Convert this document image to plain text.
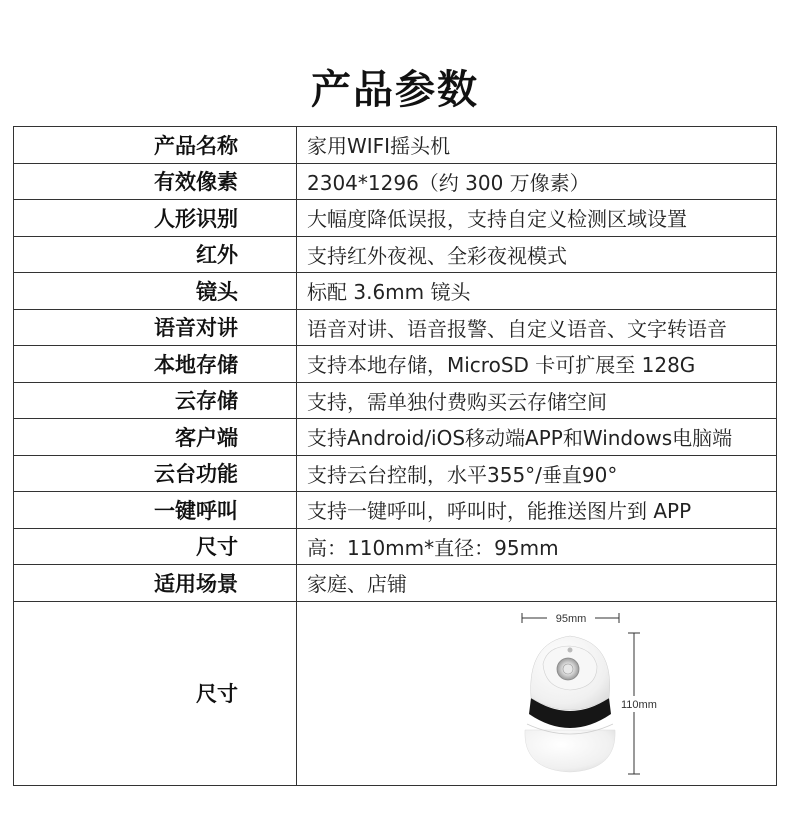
产品参数
产品名称	家用WIFI摇头机
有效像素	2304*1296（约 300 万像素）
人形识别	大幅度降低误报，支持自定义检测区域设置
红外	支持红外夜视、全彩夜视模式
镜头	标配 3.6mm 镜头
语音对讲	语音对讲、语音报警、自定义语音、文字转语音
本地存储	支持本地存储，MicroSD 卡可扩展至 128G
云存储	支持，需单独付费购买云存储空间
客户端	支持Android/iOS移动端APP和Windows电脑端
云台功能	支持云台控制，水平355°/垂直90°
一键呼叫	支持一键呼叫，呼叫时，能推送图片到 APP
尺寸	高：110mm*直径：95mm
适用场景	家庭、店铺
尺寸	95mm
110mm
